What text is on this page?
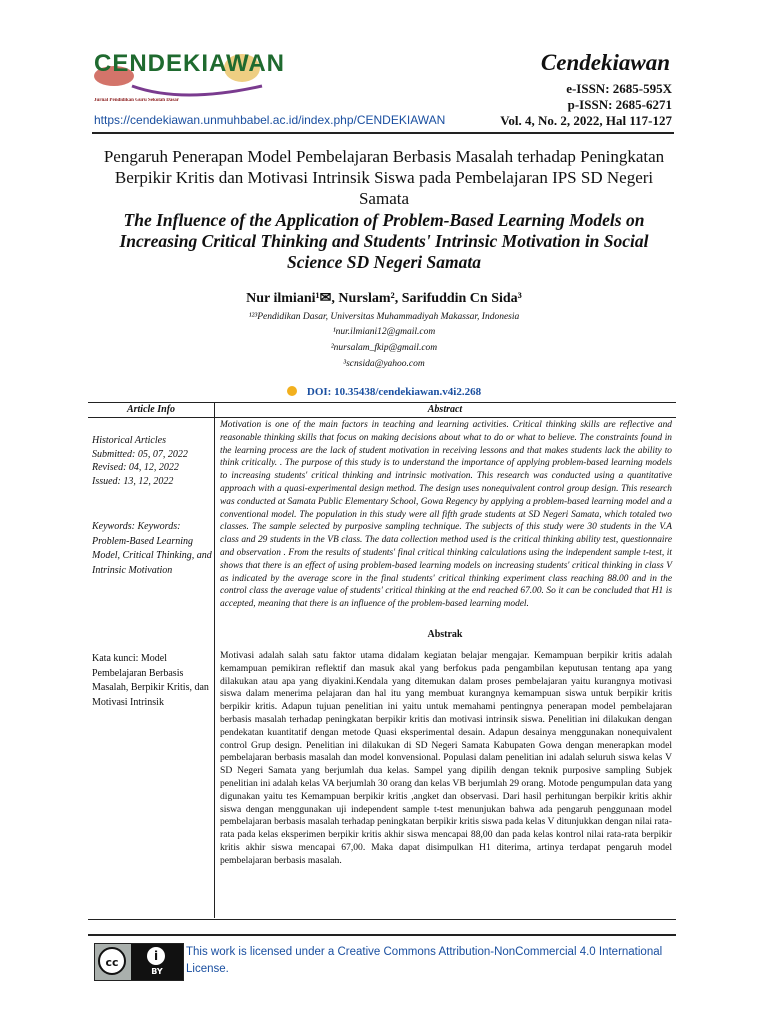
CENDEKIAWAN
Jurnal Pendidikan Guru Sekolah Dasar
Cendekiawan
e-ISSN: 2685-595X
p-ISSN: 2685-6271
https://cendekiawan.unmuhbabel.ac.id/index.php/CENDEKIAWAN	Vol. 4, No. 2, 2022, Hal 117-127
Pengaruh Penerapan Model Pembelajaran Berbasis Masalah terhadap Peningkatan Berpikir Kritis dan Motivasi Intrinsik Siswa pada Pembelajaran IPS SD Negeri Samata
The Influence of the Application of Problem-Based Learning Models on Increasing Critical Thinking and Students' Intrinsic Motivation in Social Science SD Negeri Samata
Nur ilmiani¹✉, Nurslam², Sarifuddin Cn Sida³
¹²³Pendidikan Dasar, Universitas Muhammadiyah Makassar, Indonesia
¹nur.ilmiani12@gmail.com
²nursalam_fkip@gmail.com
³scnsida@yahoo.com
DOI: 10.35438/cendekiawan.v4i2.268
Article Info	Abstract
Historical Articles
Submitted: 05, 07, 2022
Revised: 04, 12, 2022
Issued: 13, 12, 2022
Keywords: Keywords: Problem-Based Learning Model, Critical Thinking, and Intrinsic Motivation
Motivation is one of the main factors in teaching and learning activities. Critical thinking skills are reflective and reasonable thinking skills that focus on making decisions about what to do or what to believe. The constraints found in the learning process are the lack of student motivation in receiving lessons and that makes students lack the ability to think critically. . The purpose of this study is to understand the importance of applying problem-based learning models to increasing students' critical thinking and intrinsic motivation. This research was conducted using a quantitative approach with a quasi-experimental design method. The design uses nonequivalent control group design. This research was conducted at Samata Public Elementary School, Gowa Regency by applying a problem-based learning model and a conventional model. The population in this study were all fifth grade students at SD Negeri Samata, which totaled two classes. The sample selected by purposive sampling technique. The subjects of this study were 30 students in the V.A class and 29 students in the VB class. The data collection method used is the critical thinking ability test, questionnaire and observation . From the results of students' final critical thinking calculations using the independent sample t-test, it shows that there is an effect of using problem-based learning models on increasing students' critical thinking in class V as indicated by the average score in the final students' critical thinking experiment class reaching 88.00 and in the control class the average value of students' critical thinking at the end reached 67.00. So it can be concluded that H1 is accepted, meaning that there is an influence of the problem-based learning model.
Abstrak
Kata kunci: Model Pembelajaran Berbasis Masalah, Berpikir Kritis, dan Motivasi Intrinsik
Motivasi adalah salah satu faktor utama didalam kegiatan belajar mengajar. Kemampuan berpikir kritis adalah kemampuan pemikiran reflektif dan masuk akal yang berfokus pada pengambilan keputusan tentang apa yang dilakukan atau apa yang diyakini.Kendala yang ditemukan dalam proses pembelajaran yaitu kurangnya motivasi siswa dalam menerima pelajaran dan hal itu yang membuat kurangnya kemampuan siswa untuk berpikir kritis berpikir kritis. Adapun tujuan penelitian ini yaitu untuk memahami pentingnya penerapan model pembelajaran berbasis masalah terhadap peningkatan berpikir kritis dan motivasi intrinsik siswa. Penelitian ini dilakukan dengan pendekatan kuantitatif dengan metode Quasi eksperimental desain. Adapun desainya menggunakan nonequivalent control Grup design. Penelitian ini dilakukan di SD Negeri Samata Kabupaten Gowa dengan menerapkan model pembelajaran berbasis masalah dan model konvensional. Populasi dalam penelitian ini adalah seluruh siswa kelas V SD Negeri Samata yang berjumlah dua kelas. Sampel yang dipilih dengan teknik purposive sampling Subjek penelitian ini adalah kelas VA berjumlah 30 orang dan kelas VB berjumlah 29 orang. Motode pengumpulan data yang digunakan yaitu tes Kemampuan berpikir kritis ,angket dan observasi. Dari hasil perhitungan berpikir kritis akhir siswa dengan menggunakan uji independent sample t-test menunjukan bahwa ada pengaruh penggunaan model pembelajaran berbasis masalah terhadap peningkatan berpikir kritis siswa pada kelas V ditunjukkan dengan nilai rata-rata pada kelas eksperimen berpikir kritis akhir siswa mencapai 88,00 dan pada kelas kontrol nilai rata-rata berpikir kritis akhir siswa mencapai 67,00. Maka dapat disimpulkan H1 diterima, artinya terdapat pengaruh model pembelajaran berbasis masalah.
cc	i
BY
This work is licensed under a Creative Commons Attribution-NonCommercial 4.0 International License.
